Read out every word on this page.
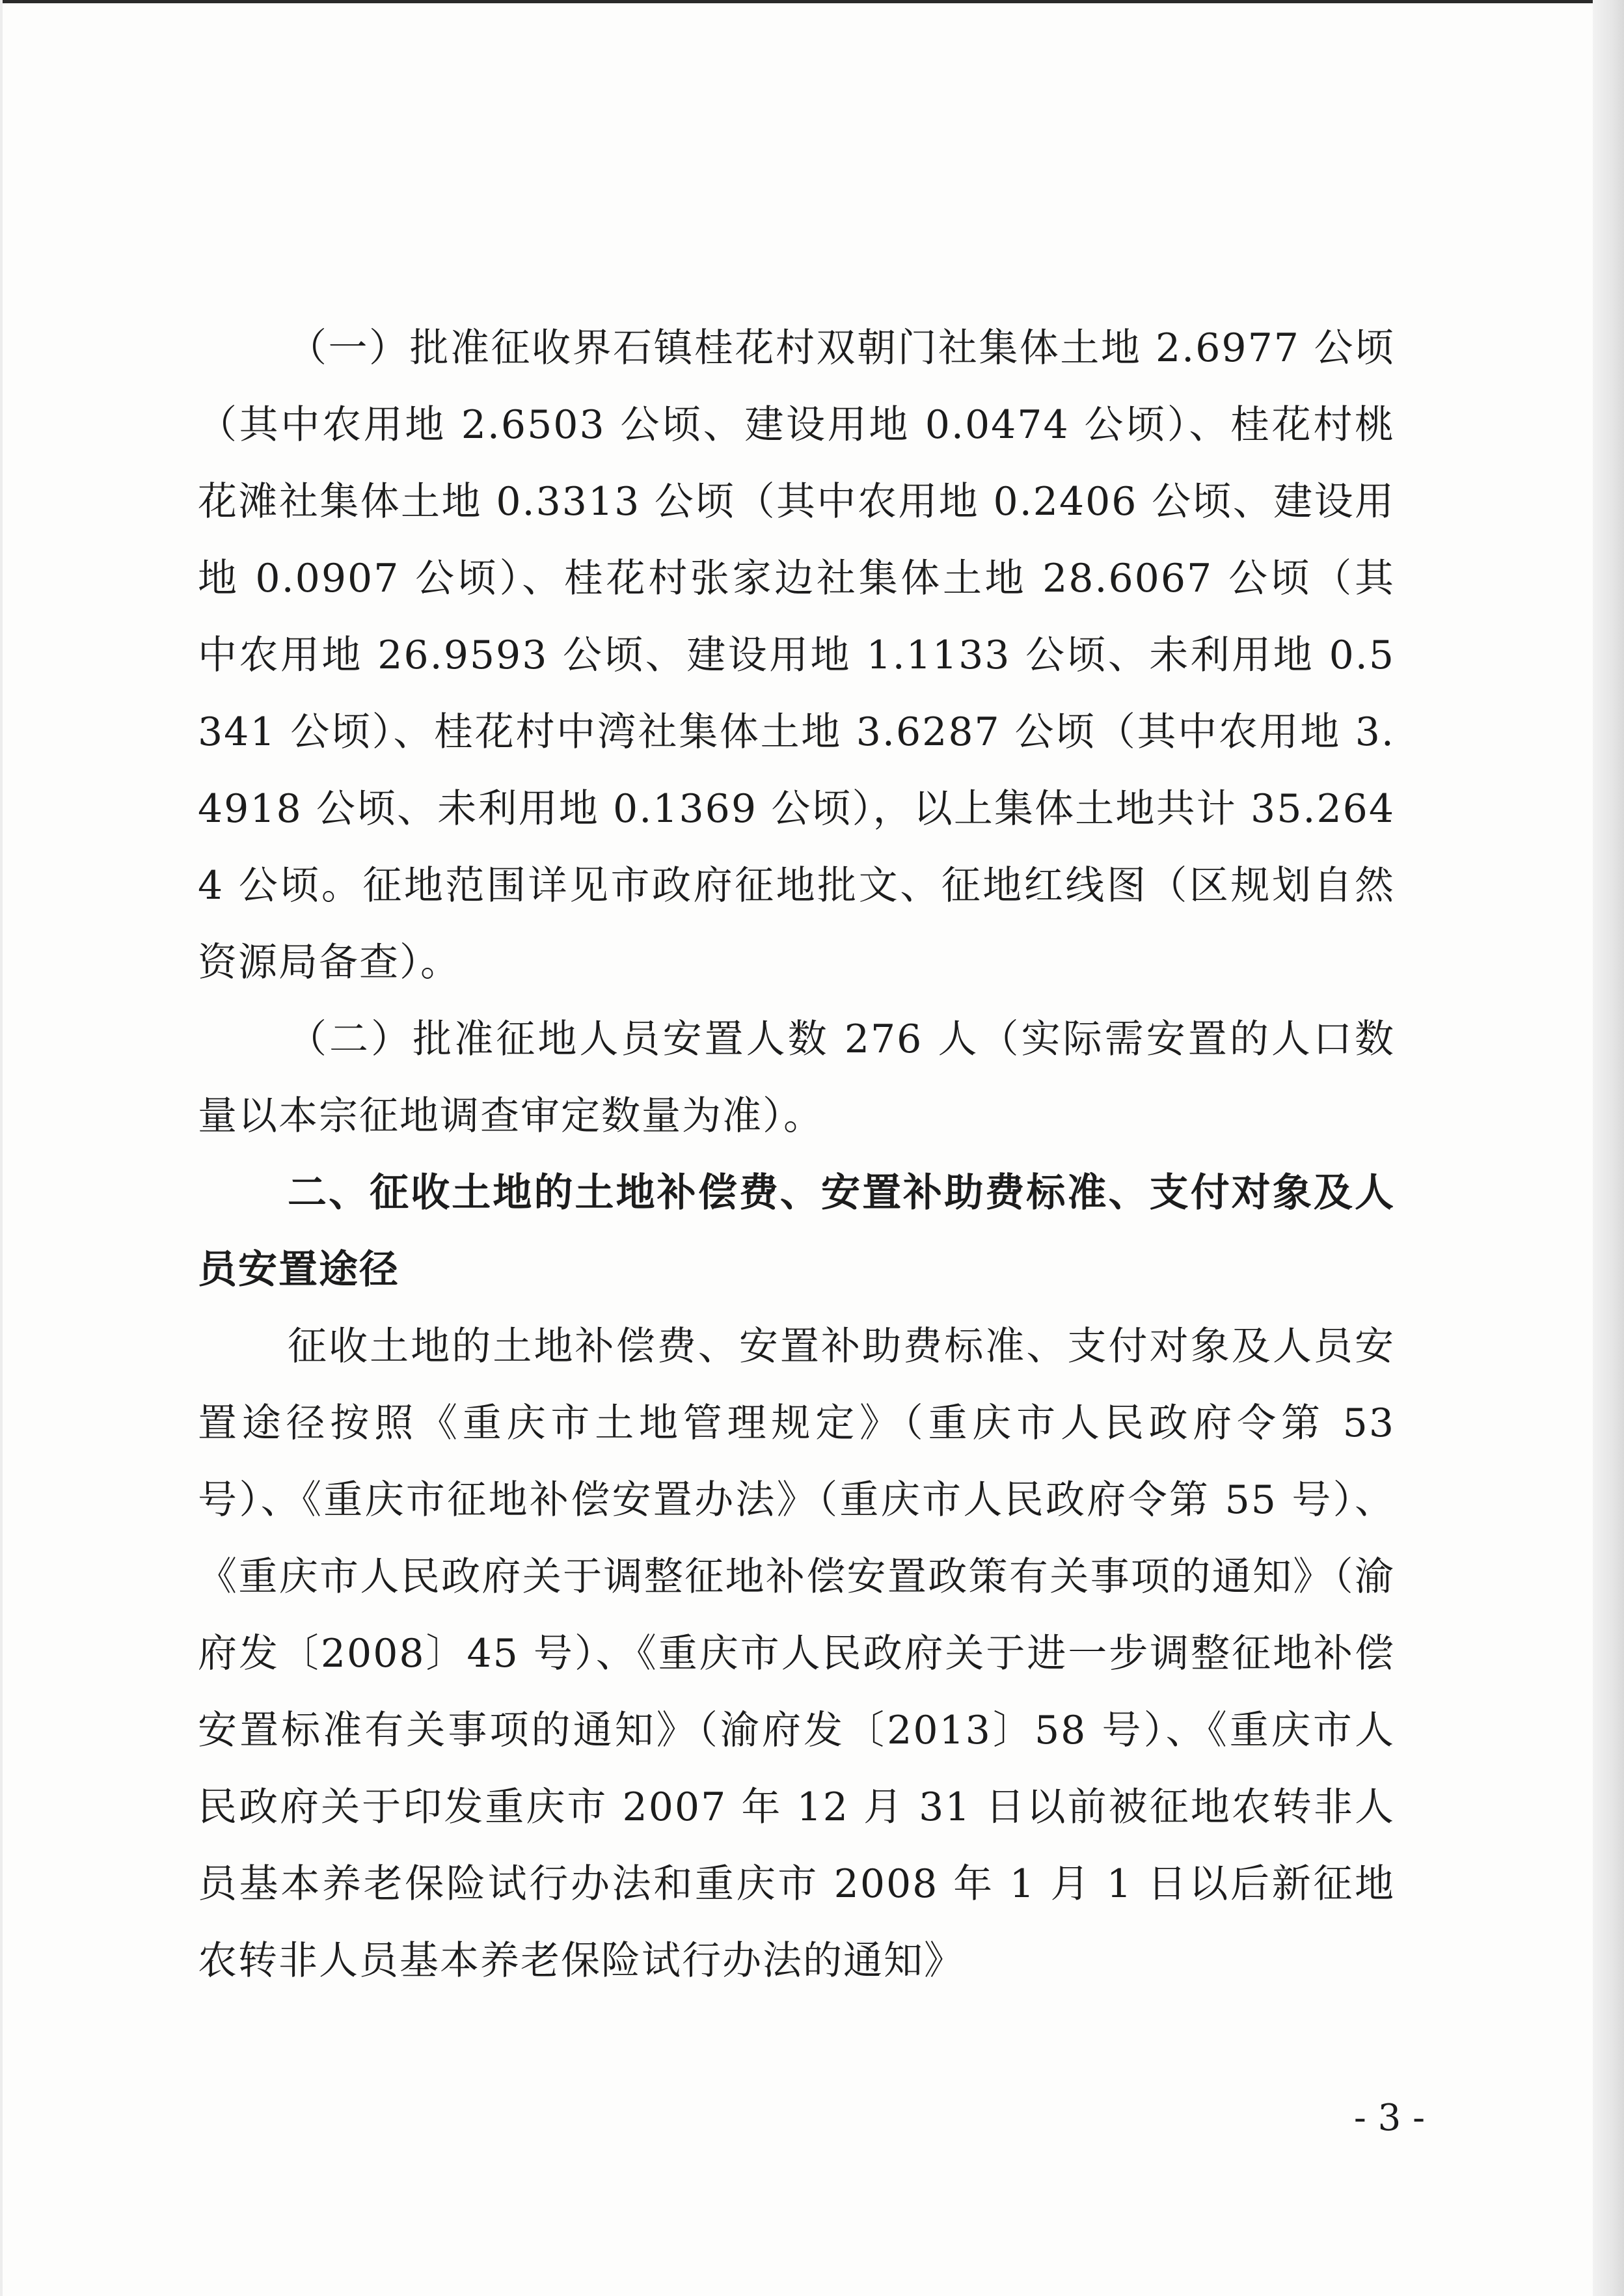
（一）批准征收界石镇桂花村双朝门社集体土地 2.6977 公顷（其中农用地 2.6503 公顷、建设用地 0.0474 公顷）、桂花村桃花滩社集体土地 0.3313 公顷（其中农用地 0.2406 公顷、建设用地 0.0907 公顷）、桂花村张家边社集体土地 28.6067 公顷（其中农用地 26.9593 公顷、建设用地 1.1133 公顷、未利用地 0.5341 公顷）、桂花村中湾社集体土地 3.6287 公顷（其中农用地 3.4918 公顷、未利用地 0.1369 公顷），以上集体土地共计 35.2644 公顷。征地范围详见市政府征地批文、征地红线图（区规划自然资源局备查）。

（二）批准征地人员安置人数 276 人（实际需安置的人口数量以本宗征地调查审定数量为准）。

二、征收土地的土地补偿费、安置补助费标准、支付对象及人员安置途径

征收土地的土地补偿费、安置补助费标准、支付对象及人员安置途径按照《重庆市土地管理规定》（重庆市人民政府令第 53 号）、《重庆市征地补偿安置办法》（重庆市人民政府令第 55 号）、《重庆市人民政府关于调整征地补偿安置政策有关事项的通知》（渝府发〔2008〕45 号）、《重庆市人民政府关于进一步调整征地补偿安置标准有关事项的通知》（渝府发〔2013〕58 号）、《重庆市人民政府关于印发重庆市 2007 年 12 月 31 日以前被征地农转非人员基本养老保险试行办法和重庆市 2008 年 1 月 1 日以后新征地农转非人员基本养老保险试行办法的通知》

- 3 -
